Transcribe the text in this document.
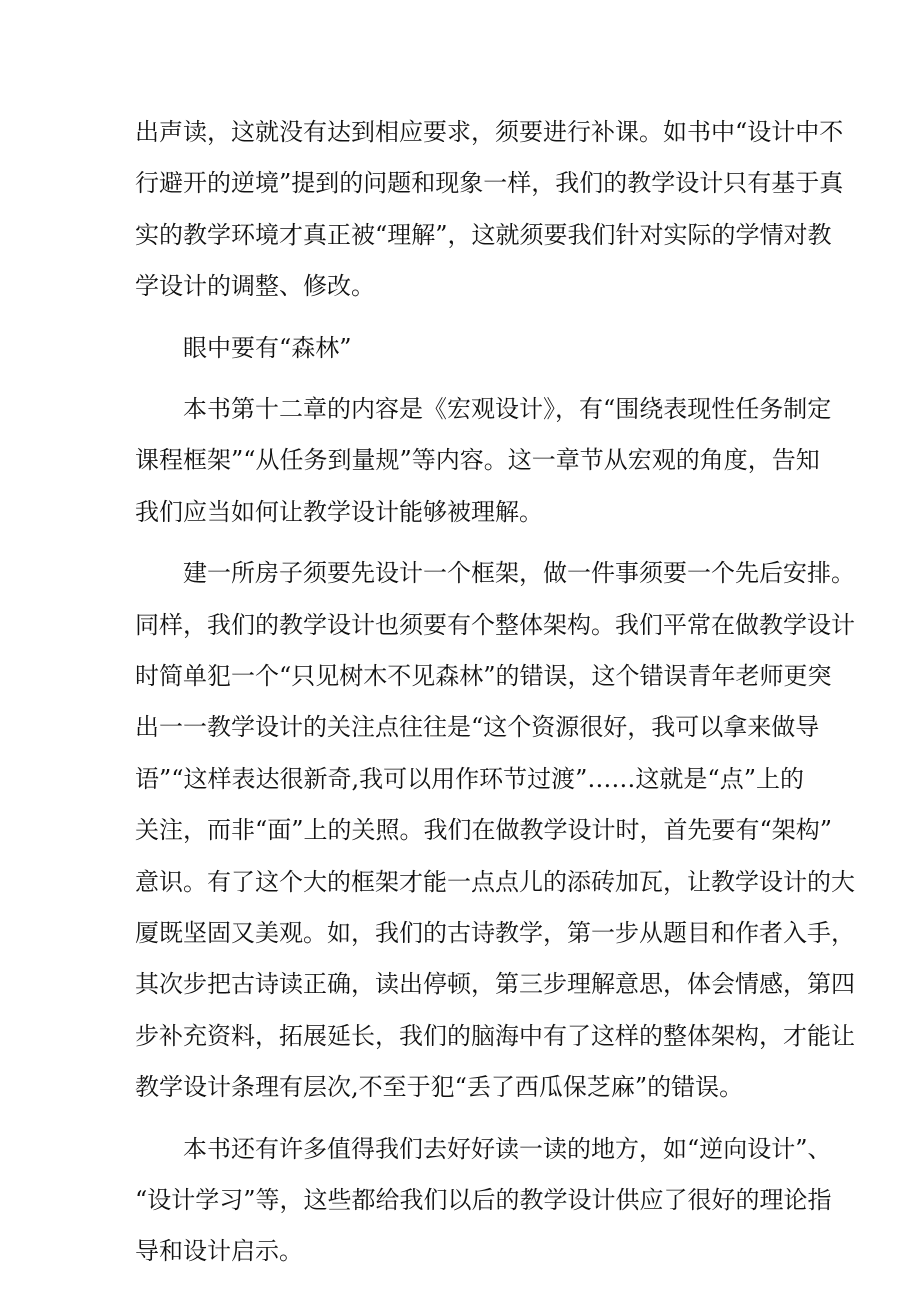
出声读，这就没有达到相应要求，须要进行补课。如书中“设计中不
行避开的逆境”提到的问题和现象一样，我们的教学设计只有基于真
实的教学环境才真正被“理解”，这就须要我们针对实际的学情对教
学设计的调整、修改。
眼中要有“森林”
本书第十二章的内容是《宏观设计》，有“围绕表现性任务制定
课程框架”“从任务到量规”等内容。这一章节从宏观的角度，告知
我们应当如何让教学设计能够被理解。
建一所房子须要先设计一个框架，做一件事须要一个先后安排。
同样，我们的教学设计也须要有个整体架构。我们平常在做教学设计
时简单犯一个“只见树木不见森林”的错误，这个错误青年老师更突
出一一教学设计的关注点往往是“这个资源很好，我可以拿来做导
语”“这样表达很新奇,我可以用作环节过渡”……这就是“点”上的
关注，而非“面”上的关照。我们在做教学设计时，首先要有“架构”
意识。有了这个大的框架才能一点点儿的添砖加瓦，让教学设计的大
厦既坚固又美观。如，我们的古诗教学，第一步从题目和作者入手，
其次步把古诗读正确，读出停顿，第三步理解意思，体会情感，第四
步补充资料，拓展延长，我们的脑海中有了这样的整体架构，才能让
教学设计条理有层次,不至于犯“丢了西瓜保芝麻”的错误。
本书还有许多值得我们去好好读一读的地方，如“逆向设计”、
“设计学习”等，这些都给我们以后的教学设计供应了很好的理论指
导和设计启示。
